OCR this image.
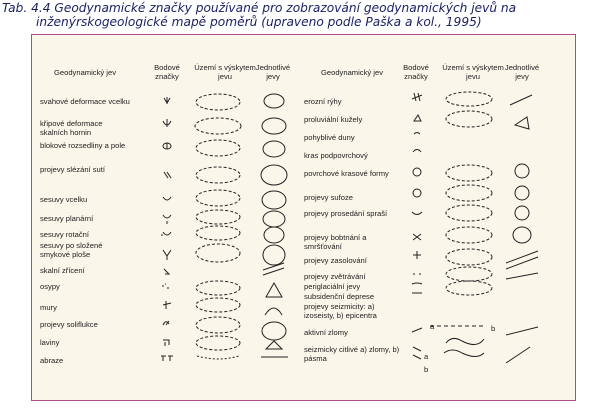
Tab. 4.4 Geodynamické značky používané pro zobrazování geodynamických jevů na

inženýrskogeologické mapě poměrů (upraveno podle Paška a kol., 1995)
Geodynamický jev
Bodové značky
Území s výskytem jevu
Jednotlivé jevy	Geodynamický jev
Bodové značky
Území s výskytem jevu
Jednotlivé jevy
svahové deformace vcelku
křipové deformace skalních hornin
blokové rozsedliny a pole
projevy slézání sutí
sesuvy vcelku
sesuvy planární
sesuvy rotační
sesuvy po složené smykové ploše
skalní zřícení
osypy
mury
projevy soliflukce
laviny
abraze
erozní rýhy
proluviální kužely
pohyblivé duny
kras podpovrchový
povrchové krasové formy
projevy sufoze
projevy prosedání spraší
projevy bobtnání a smršťování
projevy zasolování
projevy zvětrávání
periglaciální jevy
subsidenční deprese
projevy seizmicity: a) izoseisty, b) epicentra
aktivní zlomy
seizmicky citlivé a) zlomy, b) pásma
a	b
a
b
